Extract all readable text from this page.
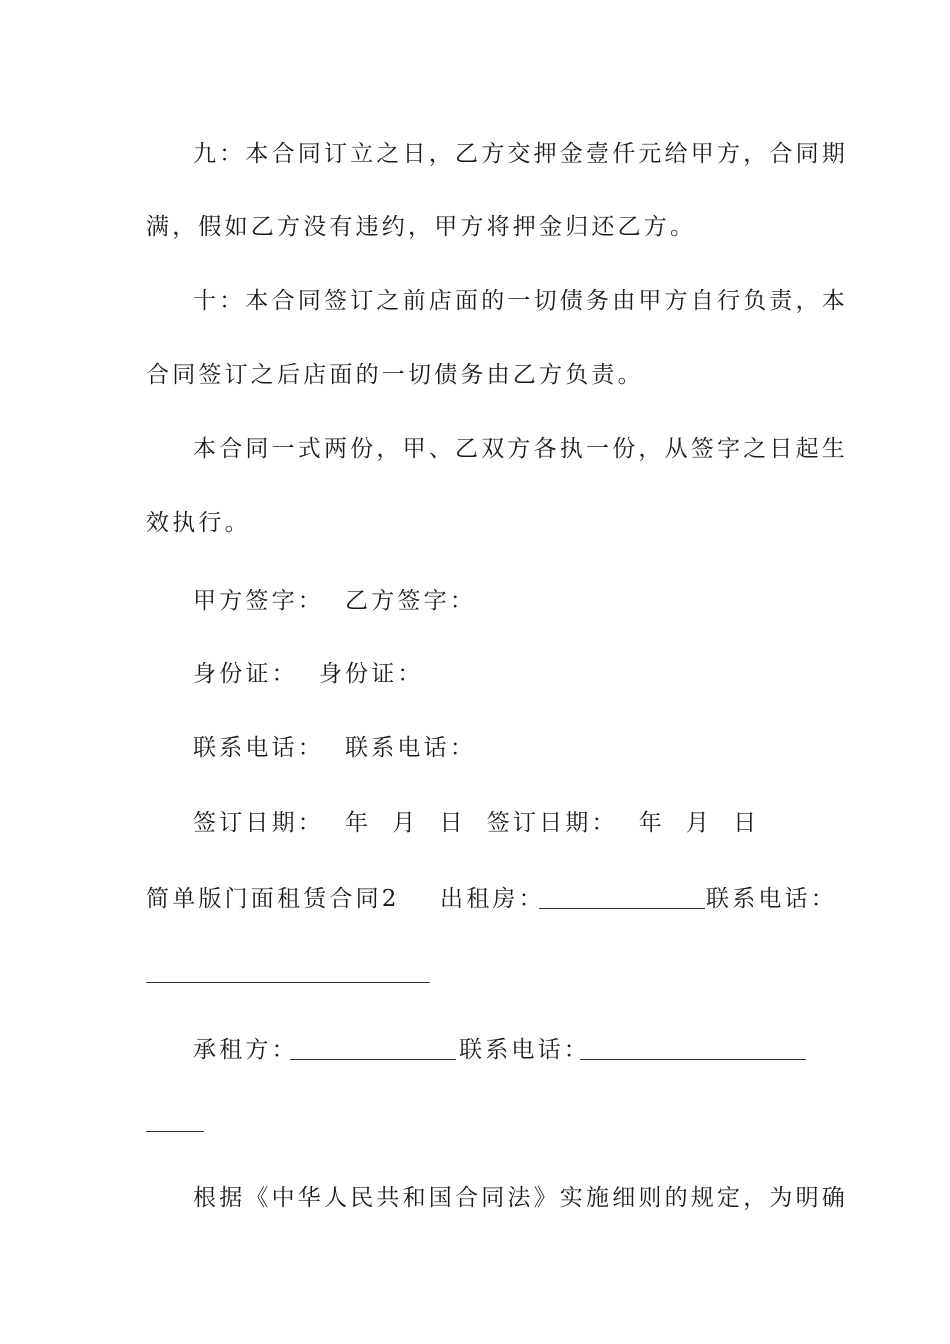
九：本合同订立之日，乙方交押金壹仟元给甲方，合同期
满，假如乙方没有违约，甲方将押金归还乙方。
十：本合同签订之前店面的一切债务由甲方自行负责，本
合同签订之后店面的一切债务由乙方负责。
本合同一式两份，甲、乙双方各执一份，从签字之日起生
效执行。
甲方签字：  乙方签字：
身份证：  身份证：
联系电话：  联系电话：
签订日期：  年  月  日  签订日期：  年  月  日
简单版门面租赁合同2 出租房：	联系电话：
承租方：	联系电话：
根据《中华人民共和国合同法》实施细则的规定，为明确
